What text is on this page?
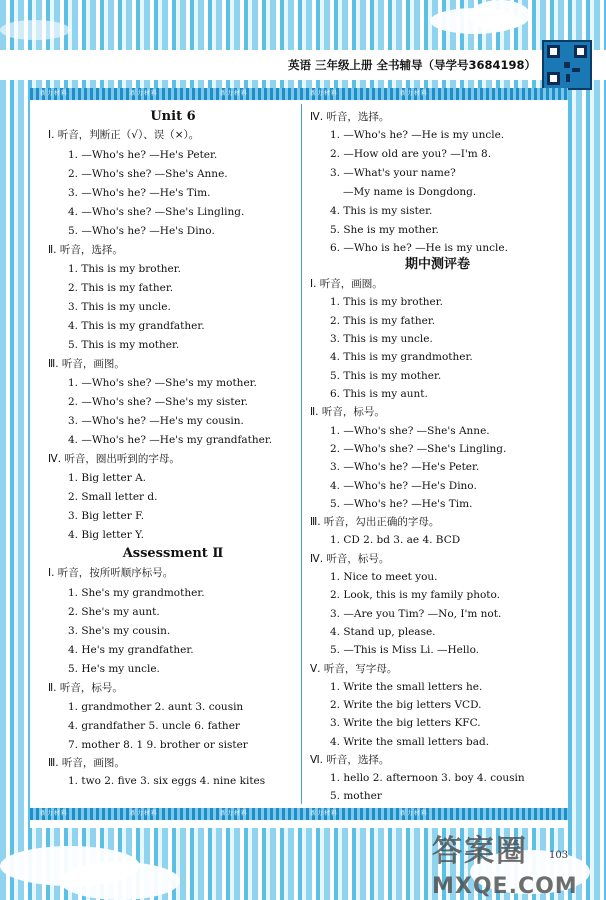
英语 三年级上册 全书辅导（导学号3684198）
新力材料	新力材料	新力材料	新力材料	新力材料
新力材料	新力材料	新力材料	新力材料	新力材料
Unit 6
Ⅰ. 听音，判断正（√）、误（×）。
1. —Who's he? —He's Peter.
2. —Who's she? —She's Anne.
3. —Who's he? —He's Tim.
4. —Who's she? —She's Lingling.
5. —Who's he? —He's Dino.
Ⅱ. 听音，选择。
1. This is my brother.
2. This is my father.
3. This is my uncle.
4. This is my grandfather.
5. This is my mother.
Ⅲ. 听音，画图。
1. —Who's she? —She's my mother.
2. —Who's she? —She's my sister.
3. —Who's he? —He's my cousin.
4. —Who's he? —He's my grandfather.
Ⅳ. 听音，圈出听到的字母。
1. Big letter A.
2. Small letter d.
3. Big letter F.
4. Big letter Y.
Assessment Ⅱ
Ⅰ. 听音，按所听顺序标号。
1. She's my grandmother.
2. She's my aunt.
3. She's my cousin.
4. He's my grandfather.
5. He's my uncle.
Ⅱ. 听音，标号。
1. grandmother 2. aunt 3. cousin
4. grandfather 5. uncle 6. father
7. mother 8. 1 9. brother or sister
Ⅲ. 听音，画图。
1. two 2. five 3. six eggs 4. nine kites
Ⅳ. 听音，选择。
1. —Who's he? —He is my uncle.
2. —How old are you? —I'm 8.
3. —What's your name?
—My name is Dongdong.
4. This is my sister.
5. She is my mother.
6. —Who is he? —He is my uncle.
期中测评卷
Ⅰ. 听音，画圈。
1. This is my brother.
2. This is my father.
3. This is my uncle.
4. This is my grandmother.
5. This is my mother.
6. This is my aunt.
Ⅱ. 听音，标号。
1. —Who's she? —She's Anne.
2. —Who's she? —She's Lingling.
3. —Who's he? —He's Peter.
4. —Who's he? —He's Dino.
5. —Who's he? —He's Tim.
Ⅲ. 听音，勾出正确的字母。
1. CD 2. bd 3. ae 4. BCD
Ⅳ. 听音，标号。
1. Nice to meet you.
2. Look, this is my family photo.
3. —Are you Tim? —No, I'm not.
4. Stand up, please.
5. —This is Miss Li. —Hello.
Ⅴ. 听音，写字母。
1. Write the small letters he.
2. Write the big letters VCD.
3. Write the big letters KFC.
4. Write the small letters bad.
Ⅵ. 听音，选择。
1. hello 2. afternoon 3. boy 4. cousin
5. mother
103
答案圈
MXQE.COM
